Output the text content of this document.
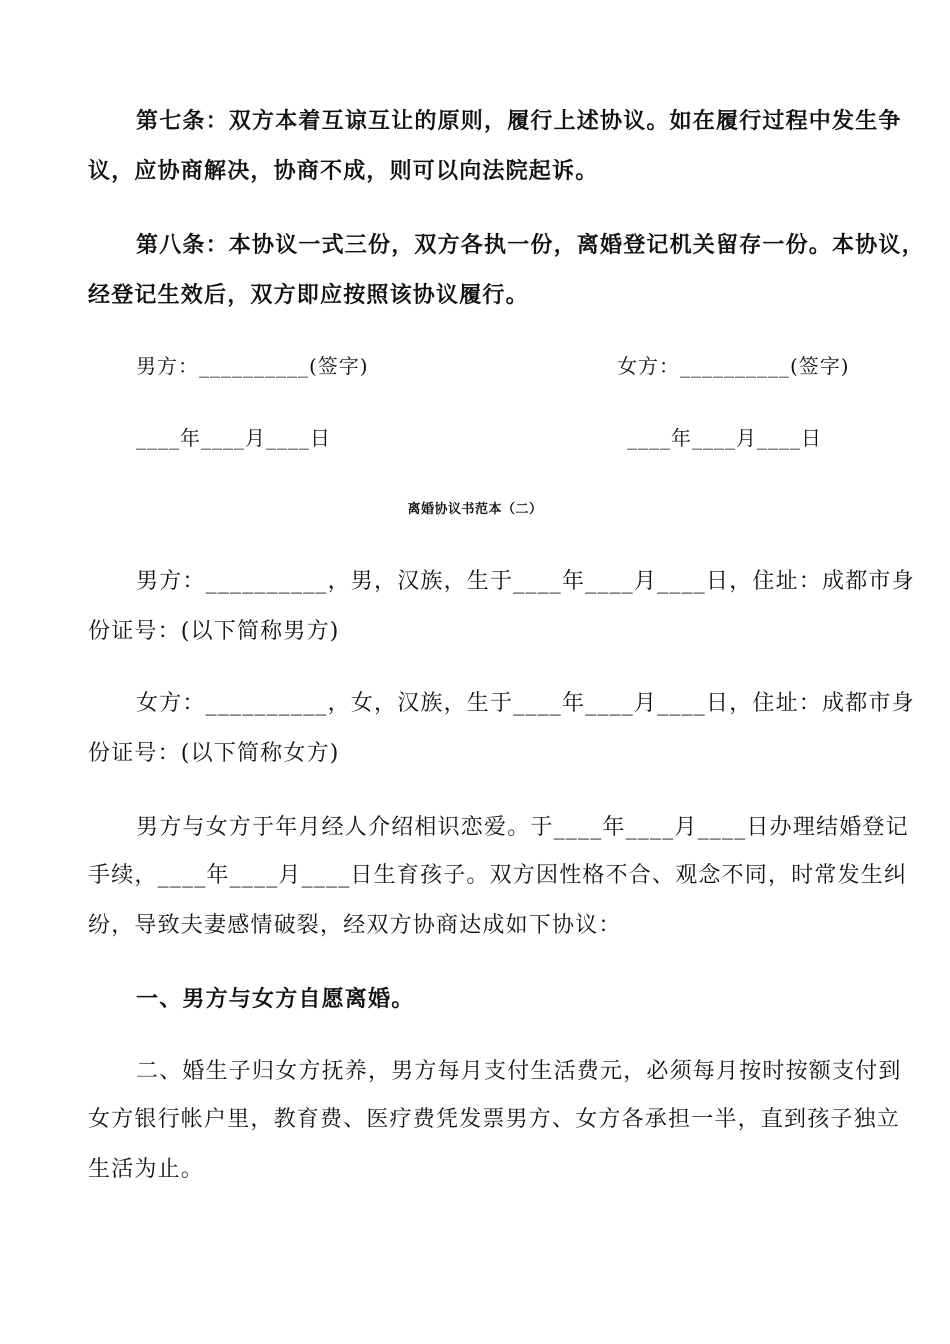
第七条：双方本着互谅互让的原则，履行上述协议。如在履行过程中发生争
议，应协商解决，协商不成，则可以向法院起诉。
第八条：本协议一式三份，双方各执一份，离婚登记机关留存一份。本协议，
经登记生效后，双方即应按照该协议履行。
男方：__________(签字)	女方：__________(签字)
____年____月____日	____年____月____日
离婚协议书范本（二）
男方：__________，男，汉族，生于____年____月____日，住址：成都市身
份证号：(以下简称男方)
女方：__________，女，汉族，生于____年____月____日，住址：成都市身
份证号：(以下简称女方)
男方与女方于年月经人介绍相识恋爱。于____年____月____日办理结婚登记
手续，____年____月____日生育孩子。双方因性格不合、观念不同，时常发生纠
纷，导致夫妻感情破裂，经双方协商达成如下协议：
一、男方与女方自愿离婚。
二、婚生子归女方抚养，男方每月支付生活费元，必须每月按时按额支付到
女方银行帐户里，教育费、医疗费凭发票男方、女方各承担一半，直到孩子独立
生活为止。
